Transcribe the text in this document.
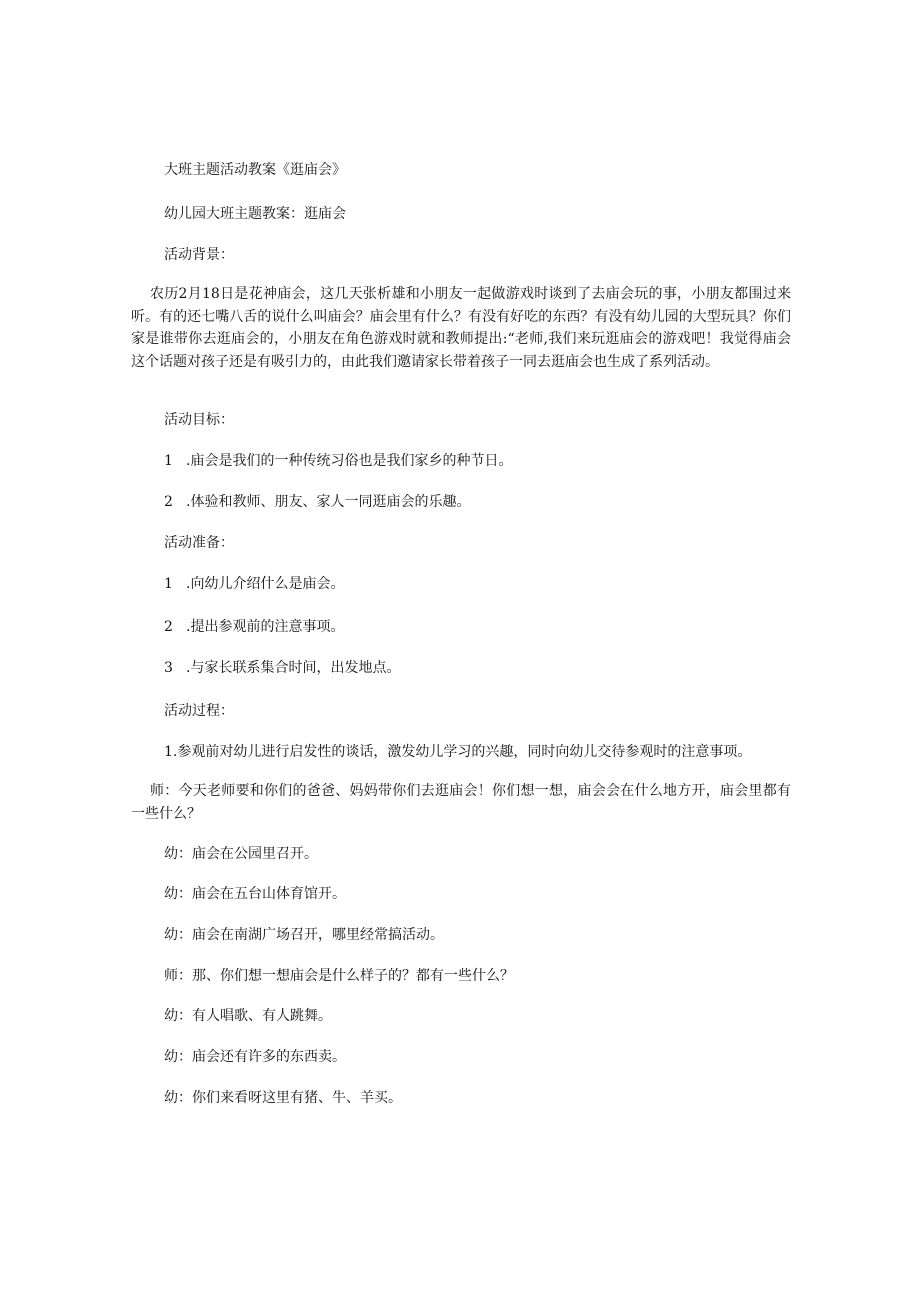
大班主题活动教案《逛庙会》
幼儿园大班主题教案：逛庙会
活动背景：
农历2月18日是花神庙会，这几天张析雄和小朋友一起做游戏时谈到了去庙会玩的事，小朋友都围过来听。有的还七嘴八舌的说什么叫庙会？庙会里有什么？有没有好吃的东西？有没有幼儿园的大型玩具？你们家是谁带你去逛庙会的，小朋友在角色游戏时就和教师提出:“老师,我们来玩逛庙会的游戏吧！我觉得庙会这个话题对孩子还是有吸引力的，由此我们邀请家长带着孩子一同去逛庙会也生成了系列活动。
活动目标：
1 .庙会是我们的一种传统习俗也是我们家乡的种节日。
2 .体验和教师、朋友、家人一同逛庙会的乐趣。
活动准备：
1 .向幼儿介绍什么是庙会。
2 .提出参观前的注意事项。
3 .与家长联系集合时间，出发地点。
活动过程：
1.参观前对幼儿进行启发性的谈话，激发幼儿学习的兴趣，同时向幼儿交待参观时的注意事项。
师：今天老师要和你们的爸爸、妈妈带你们去逛庙会！你们想一想，庙会会在什么地方开，庙会里都有一些什么？
幼：庙会在公园里召开。
幼：庙会在五台山体育馆开。
幼：庙会在南湖广场召开，哪里经常搞活动。
师：那、你们想一想庙会是什么样子的？都有一些什么？
幼：有人唱歌、有人跳舞。
幼：庙会还有许多的东西卖。
幼：你们来看呀这里有猪、牛、羊买。
